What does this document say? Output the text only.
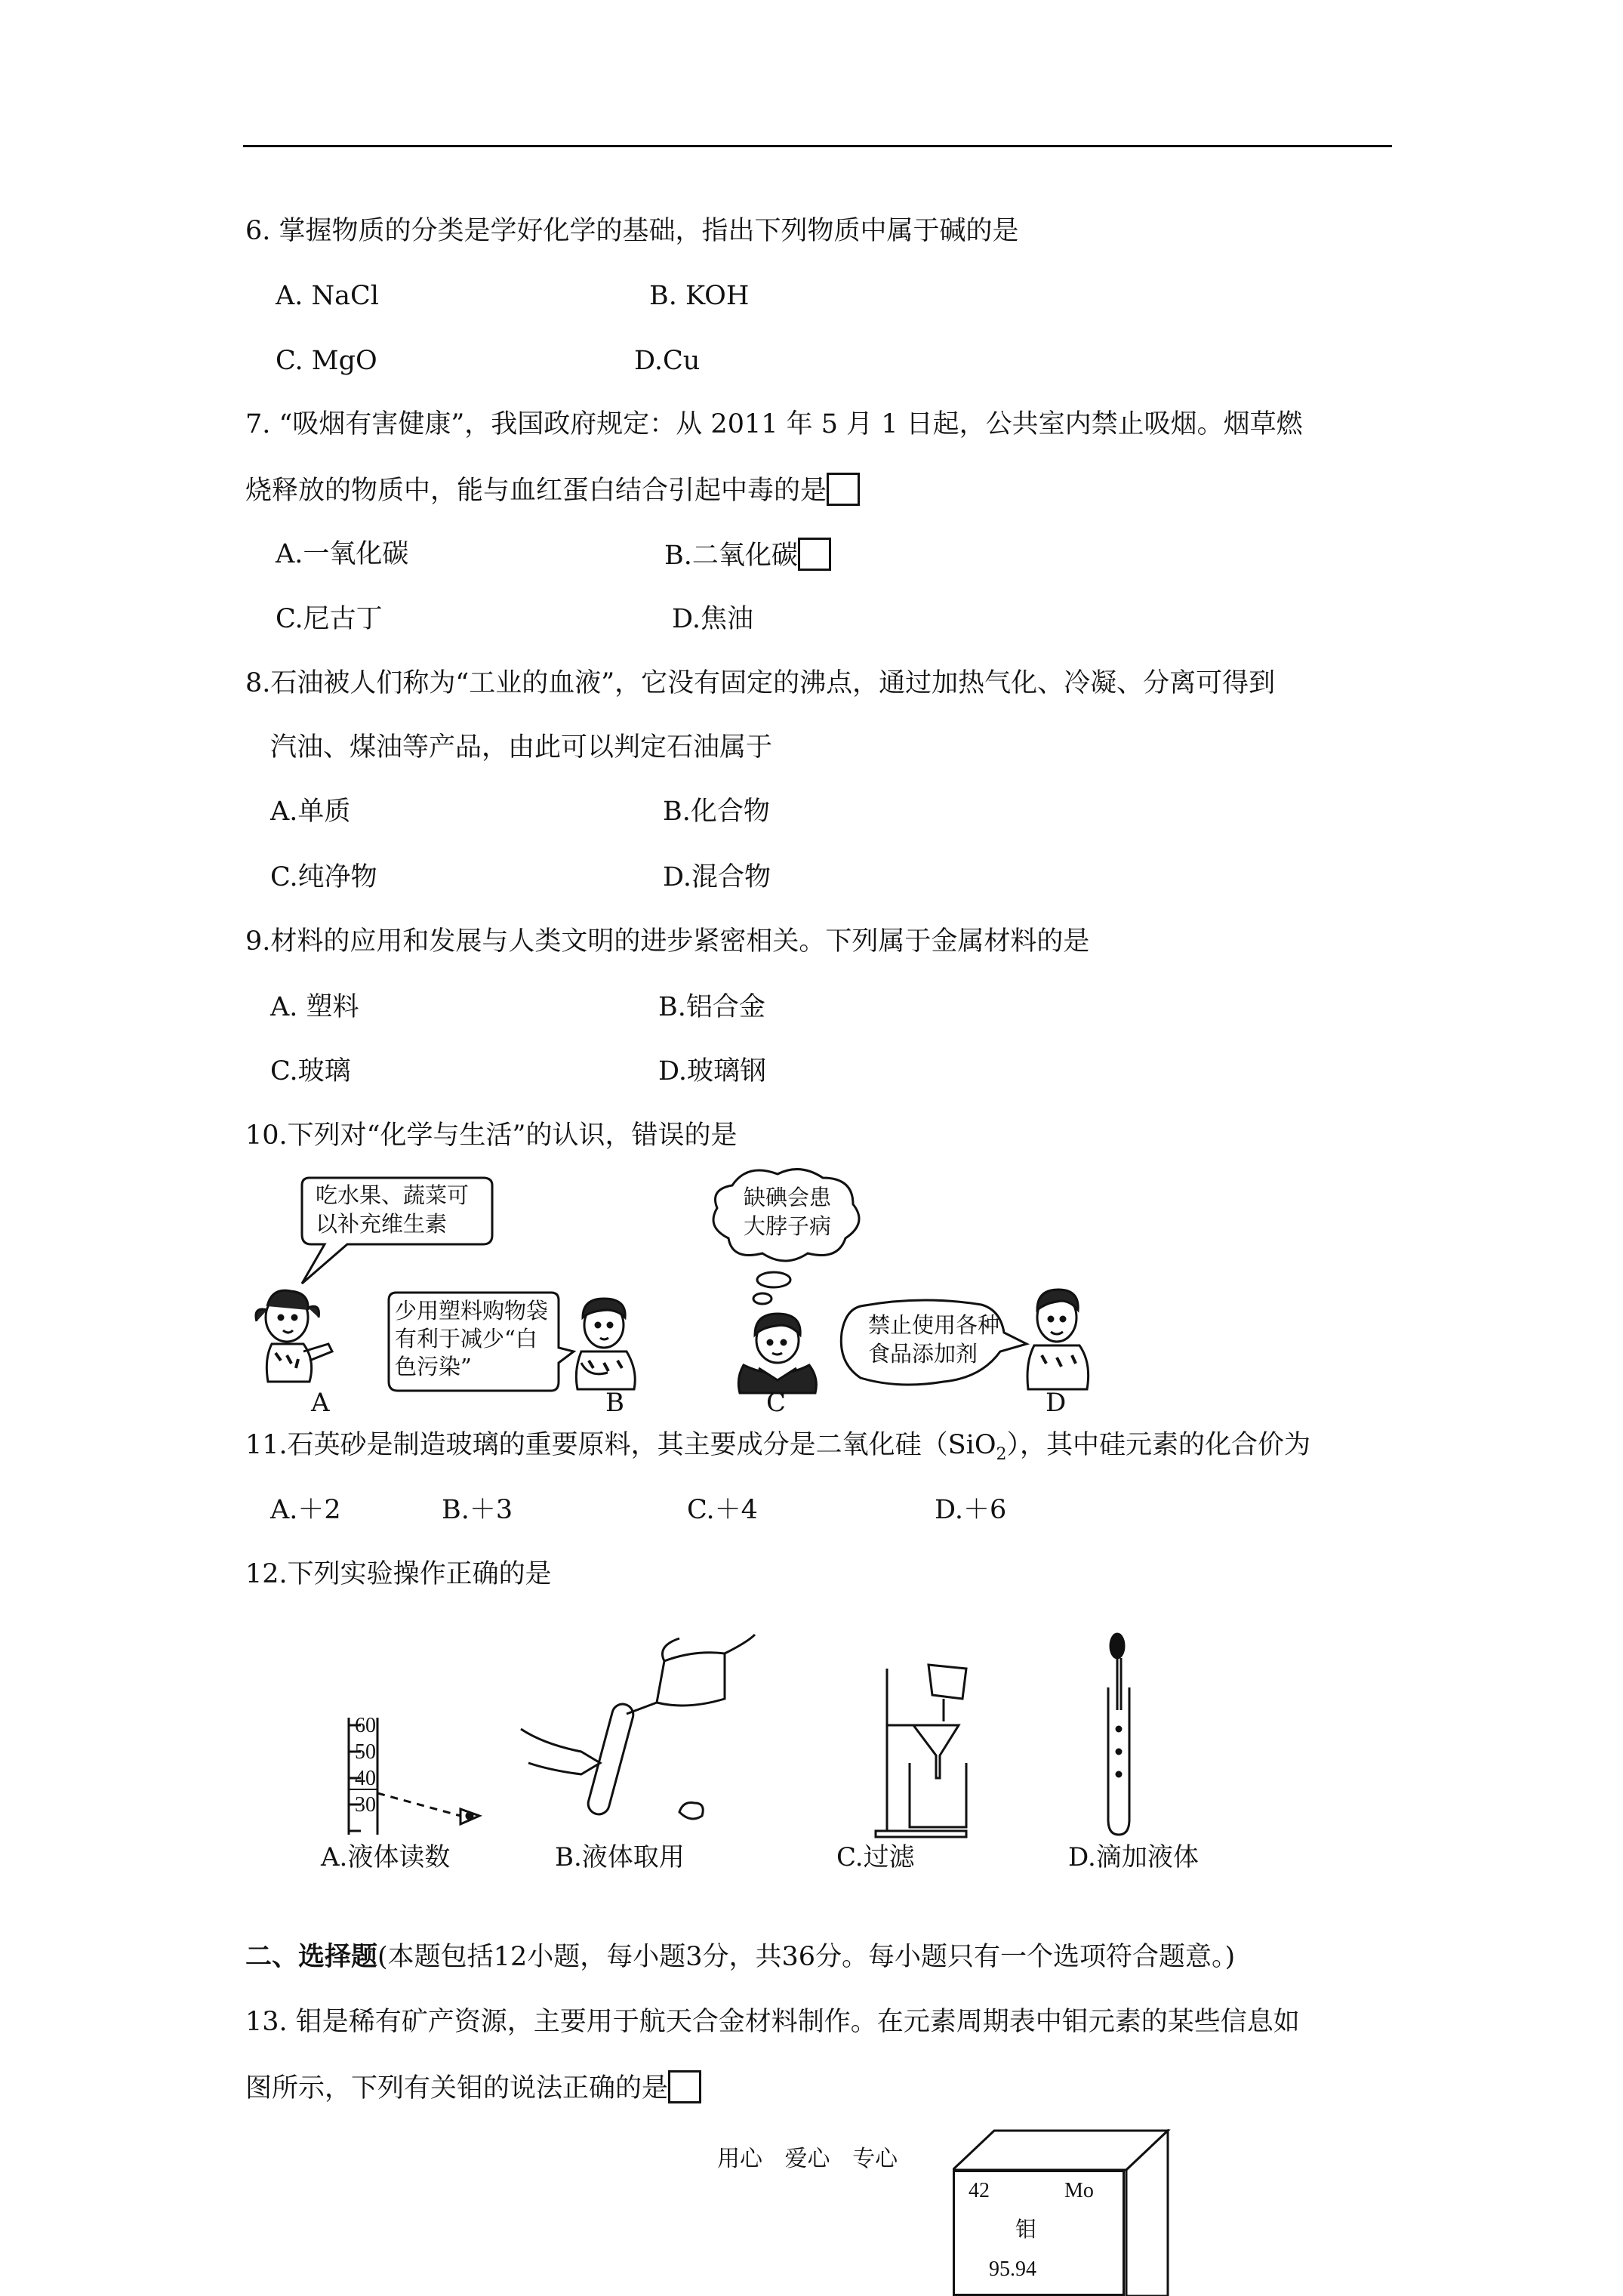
6. 掌握物质的分类是学好化学的基础，指出下列物质中属于碱的是
A. NaCl	B. KOH
C. MgO	D.Cu
7. “吸烟有害健康”，我国政府规定：从 2011 年 5 月 1 日起，公共室内禁止吸烟。烟草燃
烧释放的物质中，能与血红蛋白结合引起中毒的是
A.一氧化碳	B.二氧化碳
C.尼古丁	D.焦油
8.石油被人们称为“工业的血液”，它没有固定的沸点，通过加热气化、冷凝、分离可得到
汽油、煤油等产品，由此可以判定石油属于
A.单质	B.化合物
C.纯净物	D.混合物
9.材料的应用和发展与人类文明的进步紧密相关。下列属于金属材料的是
A. 塑料	B.铝合金
C.玻璃	D.玻璃钢
10.下列对“化学与生活”的认识，错误的是
吃水果、蔬菜可
以补充维生素
少用塑料购物袋
有利于减少“白
色污染”
缺碘会患
大脖子病
禁止使用各种
食品添加剂
A	B	C	D
11.石英砂是制造玻璃的重要原料，其主要成分是二氧化硅（SiO$_2$），其中硅元素的化合价为
A.＋2	B.＋3	C.＋4	D.＋6
12.下列实验操作正确的是
60
50
40
30
A.液体读数	B.液体取用	C.过滤	D.滴加液体
二、选择题(本题包括12小题，每小题3分，共36分。每小题只有一个选项符合题意。)
13. 钼是稀有矿产资源，主要用于航天合金材料制作。在元素周期表中钼元素的某些信息如
图所示，下列有关钼的说法正确的是
42	Mo
钼
95.94
用心 爱心 专心
